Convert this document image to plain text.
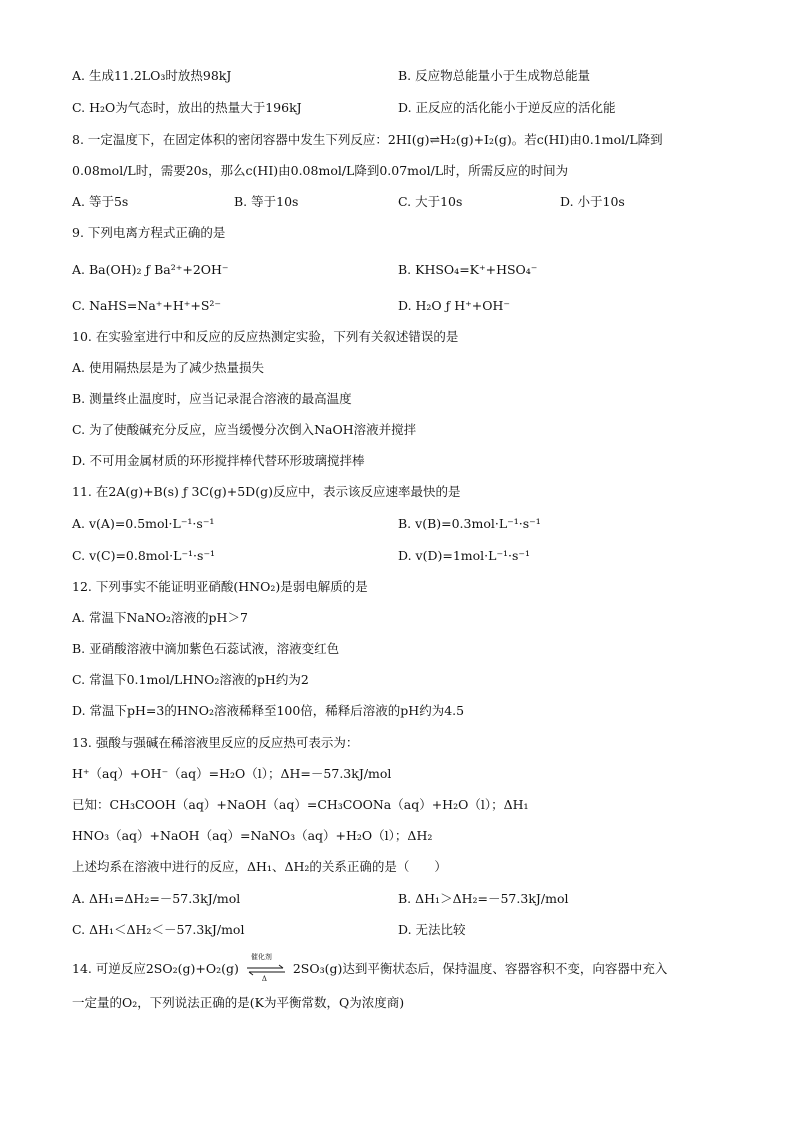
A. 生成11.2LO₃时放热98kJ	B. 反应物总能量小于生成物总能量
C. H₂O为气态时，放出的热量大于196kJ	D. 正反应的活化能小于逆反应的活化能
8. 一定温度下，在固定体积的密闭容器中发生下列反应：2HI(g)⇌H₂(g)+I₂(g)。若c(HI)由0.1mol/L降到
0.08mol/L时，需要20s，那么c(HI)由0.08mol/L降到0.07mol/L时，所需反应的时间为
A. 等于5s	B. 等于10s	C. 大于10s	D. 小于10s
9. 下列电离方程式正确的是
A. Ba(OH)₂ ƒ Ba²⁺+2OH⁻	B. KHSO₄=K⁺+HSO₄⁻
C. NaHS=Na⁺+H⁺+S²⁻	D. H₂O ƒ H⁺+OH⁻
10. 在实验室进行中和反应的反应热测定实验，下列有关叙述错误的是
A. 使用隔热层是为了减少热量损失
B. 测量终止温度时，应当记录混合溶液的最高温度
C. 为了使酸碱充分反应，应当缓慢分次倒入NaOH溶液并搅拌
D. 不可用金属材质的环形搅拌棒代替环形玻璃搅拌棒
11. 在2A(g)+B(s) ƒ 3C(g)+5D(g)反应中，表示该反应速率最快的是
A. v(A)=0.5mol·L⁻¹·s⁻¹	B. v(B)=0.3mol·L⁻¹·s⁻¹
C. v(C)=0.8mol·L⁻¹·s⁻¹	D. v(D)=1mol·L⁻¹·s⁻¹
12. 下列事实不能证明亚硝酸(HNO₂)是弱电解质的是
A. 常温下NaNO₂溶液的pH＞7
B. 亚硝酸溶液中滴加紫色石蕊试液，溶液变红色
C. 常温下0.1mol/LHNO₂溶液的pH约为2
D. 常温下pH=3的HNO₂溶液稀释至100倍，稀释后溶液的pH约为4.5
13. 强酸与强碱在稀溶液里反应的反应热可表示为：
H⁺（aq）+OH⁻（aq）=H₂O（l）；ΔH=－57.3kJ/mol
已知：CH₃COOH（aq）+NaOH（aq）=CH₃COONa（aq）+H₂O（l）；ΔH₁
HNO₃（aq）+NaOH（aq）=NaNO₃（aq）+H₂O（l）；ΔH₂
上述均系在溶液中进行的反应，ΔH₁、ΔH₂的关系正确的是（　　）
A. ΔH₁=ΔH₂=－57.3kJ/mol	B. ΔH₁＞ΔH₂=－57.3kJ/mol
C. ΔH₁＜ΔH₂＜－57.3kJ/mol	D. 无法比较
14. 可逆反应2SO₂(g)+O₂(g)
催化剂
Δ
2SO₃(g)达到平衡状态后，保持温度、容器容积不变，向容器中充入
一定量的O₂，下列说法正确的是(K为平衡常数，Q为浓度商)
